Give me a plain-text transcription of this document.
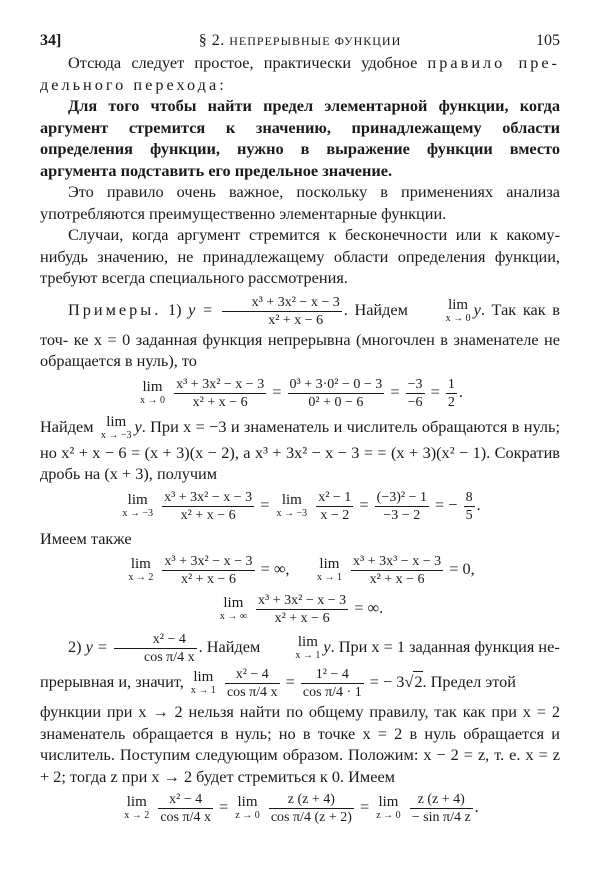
34]	§ 2. НЕПРЕРЫВНЫЕ ФУНКЦИИ	105

Отсюда следует простое, практически удобное правило пре- дельного перехода:

Для того чтобы найти предел элементарной функции, когда аргумент стремится к значению, принадлежащему области определения функции, нужно в выражение функции вместо аргумента подставить его предельное значение.

Это правило очень важное, поскольку в применениях анализа употребляются преимущественно элементарные функции.

Случаи, когда аргумент стремится к бесконечности или к какому-нибудь значению, не принадлежащему области определения функции, требуют всегда специального рассмотрения.

Примеры. 1) $y = \frac{\text{x³ + 3x² − x − 3}}{\text{x² + x − 6}}$ . Найдем	lim
x → 0 y. Так как в точ- ке x = 0 заданная функция непрерывна (многочлен в знаменателе не обращается в нуль), то

lim
x → 0
$\frac{\text{x³ + 3x² − x − 3}}{\text{x² + x − 6}} = \frac{\text{0³ + 3·0² − 0 − 3}}{\text{0² + 0 − 6}} = \frac{-3}{-6} = \frac{1}{2}$ .

Найдем lim
x → −3 y. При x = −3 и знаменатель и числитель обращаются в нуль; но x² + x − 6 = (x + 3)(x − 2), а x³ + 3x² − x − 3 = = (x + 3)(x² − 1). Сократив дробь на (x + 3), получим

lim
x → −3
$\frac{\text{x³ + 3x² − x − 3}}{\text{x² + x − 6}} = \lim$
x → −3
$\frac{\text{x² − 1}}{x - 2} = \frac{\text{(−3)² − 1}}{-3 - 2}$ = − $\frac{8}{5}$ .

Имеем также

lim
x → 2
$\frac{\text{x³ + 3x² − x − 3}}{\text{x² + x − 6}}$ = ∞, lim
x → 1
$\frac{\text{x³ + 3x³ − x − 3}}{\text{x² + x − 6}} = 0$,
lim
x → ∞
$\frac{\text{x³ + 3x² − x − 3}}{\text{x² + x − 6}}$ = ∞.

2) $y = \frac{\text{x² − 4}}{\text{cos π/4 x}}$ . Найдем	lim
x → 1 y. При x = 1 заданная функция не-

прерывная и, значит, lim
x → 1
$\frac{\text{x² − 4}}{\text{cos π/4 x}} = \frac{\text{1² − 4}}{\text{cos π/4 · 1}}$ = − 3√2. Предел этой

функции при x → 2 нельзя найти по общему правилу, так как при x = 2 знаменатель обращается в нуль; но в точке x = 2 в нуль обращается и числитель. Поступим следующим образом. Положим: x − 2 = z, т. е. x = z + 2; тогда z при x → 2 будет стремиться к 0. Имеем

lim
x → 2
$\frac{\text{x² − 4}}{\text{cos π/4 x}} = \lim$
z → 0
$\frac{z (z + 4)}{\text{cos π/4 (z + 2)}} = \lim$
z → 0
$\frac{z (z + 4)}{\text{− sin π/4 z}}$ .
